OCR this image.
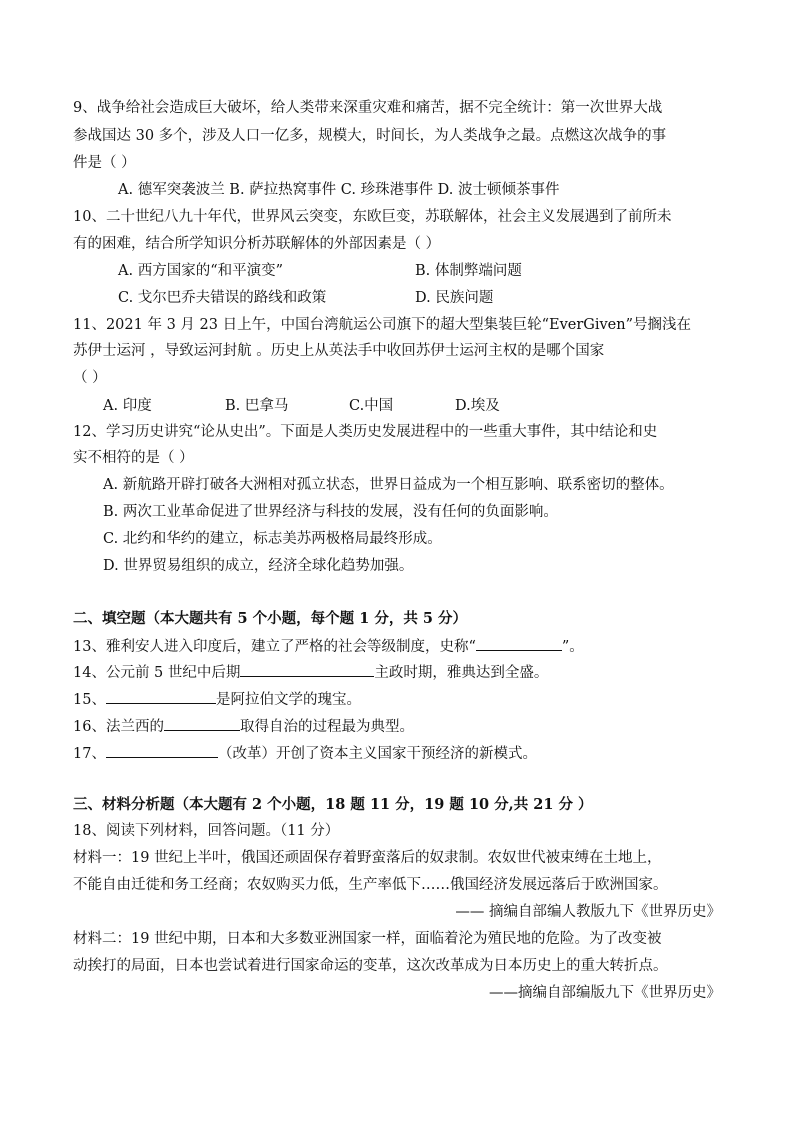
9、战争给社会造成巨大破坏，给人类带来深重灾难和痛苦，据不完全统计：第一次世界大战
参战国达 30 多个，涉及人口一亿多，规模大，时间长，为人类战争之最。点燃这次战争的事
件是（ ）
A. 德军突袭波兰 B. 萨拉热窝事件 C. 珍珠港事件 D. 波士顿倾茶事件
10、二十世纪八九十年代，世界风云突变，东欧巨变，苏联解体，社会主义发展遇到了前所未
有的困难，结合所学知识分析苏联解体的外部因素是（ ）
A. 西方国家的“和平演变”	B. 体制弊端问题
C. 戈尔巴乔夫错误的路线和政策	D. 民族问题
11、2021 年 3 月 23 日上午，中国台湾航运公司旗下的超大型集装巨轮“EverGiven”号搁浅在
苏伊士运河 ，导致运河封航 。历史上从英法手中收回苏伊士运河主权的是哪个国家
（ ）
A. 印度	B. 巴拿马	C.中国	D.埃及
12、学习历史讲究“论从史出”。下面是人类历史发展进程中的一些重大事件，其中结论和史
实不相符的是（ ）
A. 新航路开辟打破各大洲相对孤立状态，世界日益成为一个相互影响、联系密切的整体。
B. 两次工业革命促进了世界经济与科技的发展，没有任何的负面影响。
C. 北约和华约的建立，标志美苏两极格局最终形成。
D. 世界贸易组织的成立，经济全球化趋势加强。
二、填空题（本大题共有 5 个小题，每个题 1 分，共 5 分）
13、雅利安人进入印度后，建立了严格的社会等级制度，史称“	”。
14、公元前 5 世纪中后期	主政时期，雅典达到全盛。
15、	是阿拉伯文学的瑰宝。
16、法兰西的	取得自治的过程最为典型。
17、	（改革）开创了资本主义国家干预经济的新模式。
三、材料分析题（本大题有 2 个小题，18 题 11 分，19 题 10 分,共 21 分 ）
18、阅读下列材料，回答问题。（11 分）
材料一：19 世纪上半叶，俄国还顽固保存着野蛮落后的奴隶制。农奴世代被束缚在土地上，
不能自由迁徙和务工经商；农奴购买力低，生产率低下……俄国经济发展远落后于欧洲国家。
—— 摘编自部编人教版九下《世界历史》
材料二：19 世纪中期，日本和大多数亚洲国家一样，面临着沦为殖民地的危险。为了改变被
动挨打的局面，日本也尝试着进行国家命运的变革，这次改革成为日本历史上的重大转折点。
——摘编自部编版九下《世界历史》
